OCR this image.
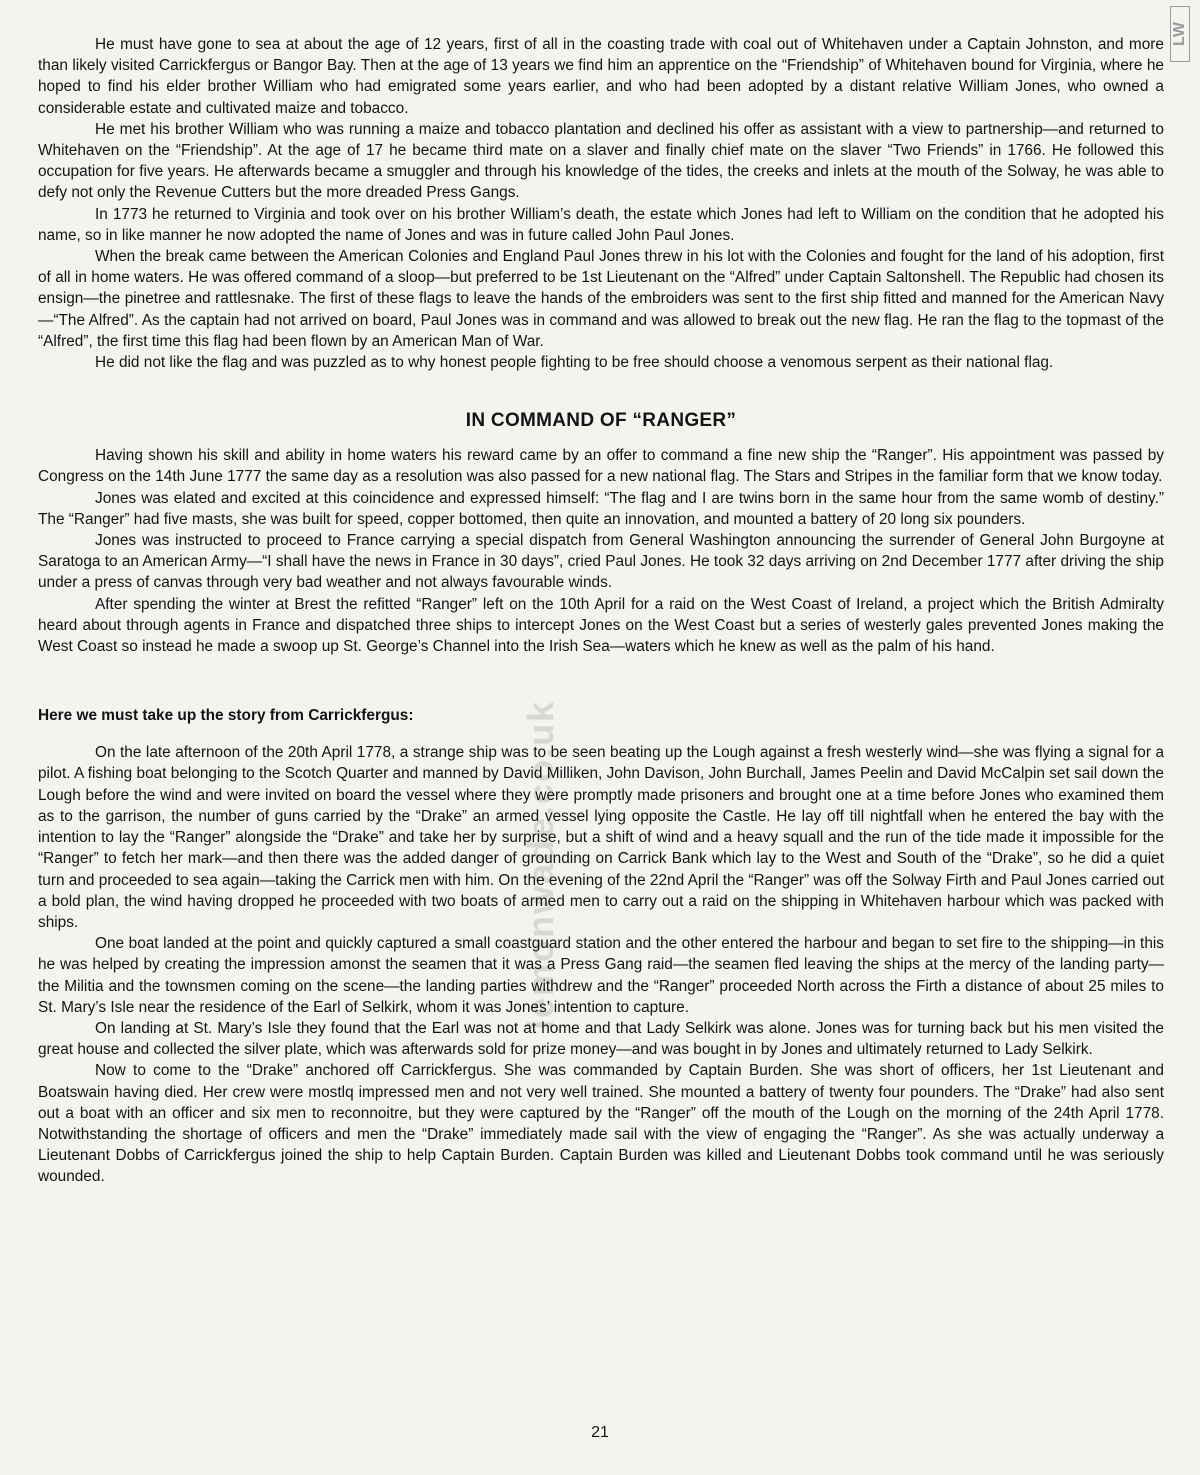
LW
lemonwade.co.uk

He must have gone to sea at about the age of 12 years, first of all in the coasting trade with coal out of Whitehaven under a Captain Johnston, and more than likely visited Carrickfergus or Bangor Bay. Then at the age of 13 years we find him an apprentice on the “Friendship” of Whitehaven bound for Virginia, where he hoped to find his elder brother William who had emigrated some years earlier, and who had been adopted by a distant relative William Jones, who owned a considerable estate and cultivated maize and tobacco.

He met his brother William who was running a maize and tobacco plantation and declined his offer as assistant with a view to partnership—and returned to Whitehaven on the “Friendship”. At the age of 17 he became third mate on a slaver and finally chief mate on the slaver “Two Friends” in 1766. He followed this occupation for five years. He afterwards became a smuggler and through his knowledge of the tides, the creeks and inlets at the mouth of the Solway, he was able to defy not only the Revenue Cutters but the more dreaded Press Gangs.

In 1773 he returned to Virginia and took over on his brother William’s death, the estate which Jones had left to William on the condition that he adopted his name, so in like manner he now adopted the name of Jones and was in future called John Paul Jones.

When the break came between the American Colonies and England Paul Jones threw in his lot with the Colonies and fought for the land of his adoption, first of all in home waters. He was offered command of a sloop—but preferred to be 1st Lieutenant on the “Alfred” under Captain Saltonshell. The Republic had chosen its ensign—the pinetree and rattlesnake. The first of these flags to leave the hands of the embroiders was sent to the first ship fitted and manned for the American Navy—“The Alfred”. As the captain had not arrived on board, Paul Jones was in command and was allowed to break out the new flag. He ran the flag to the topmast of the “Alfred”, the first time this flag had been flown by an American Man of War.

He did not like the flag and was puzzled as to why honest people fighting to be free should choose a venomous serpent as their national flag.

IN COMMAND OF “RANGER”

Having shown his skill and ability in home waters his reward came by an offer to command a fine new ship the “Ranger”. His appointment was passed by Congress on the 14th June 1777 the same day as a resolution was also passed for a new national flag. The Stars and Stripes in the familiar form that we know today.

Jones was elated and excited at this coincidence and expressed himself: “The flag and I are twins born in the same hour from the same womb of destiny.” The “Ranger” had five masts, she was built for speed, copper bottomed, then quite an innovation, and mounted a battery of 20 long six pounders.

Jones was instructed to proceed to France carrying a special dispatch from General Washington announcing the surrender of General John Burgoyne at Saratoga to an American Army—“I shall have the news in France in 30 days”, cried Paul Jones. He took 32 days arriving on 2nd December 1777 after driving the ship under a press of canvas through very bad weather and not always favourable winds.

After spending the winter at Brest the refitted “Ranger” left on the 10th April for a raid on the West Coast of Ireland, a project which the British Admiralty heard about through agents in France and dispatched three ships to intercept Jones on the West Coast but a series of westerly gales prevented Jones making the West Coast so instead he made a swoop up St. George’s Channel into the Irish Sea—waters which he knew as well as the palm of his hand.

Here we must take up the story from Carrickfergus:

On the late afternoon of the 20th April 1778, a strange ship was to be seen beating up the Lough against a fresh westerly wind—she was flying a signal for a pilot. A fishing boat belonging to the Scotch Quarter and manned by David Milliken, John Davison, John Burchall, James Peelin and David McCalpin set sail down the Lough before the wind and were invited on board the vessel where they were promptly made prisoners and brought one at a time before Jones who examined them as to the garrison, the number of guns carried by the “Drake” an armed vessel lying opposite the Castle. He lay off till nightfall when he entered the bay with the intention to lay the “Ranger” alongside the “Drake” and take her by surprise, but a shift of wind and a heavy squall and the run of the tide made it impossible for the “Ranger” to fetch her mark—and then there was the added danger of grounding on Carrick Bank which lay to the West and South of the “Drake”, so he did a quiet turn and proceeded to sea again—taking the Carrick men with him. On the evening of the 22nd April the “Ranger” was off the Solway Firth and Paul Jones carried out a bold plan, the wind having dropped he proceeded with two boats of armed men to carry out a raid on the shipping in Whitehaven harbour which was packed with ships.

One boat landed at the point and quickly captured a small coastguard station and the other entered the harbour and began to set fire to the shipping—in this he was helped by creating the impression amonst the seamen that it was a Press Gang raid—the seamen fled leaving the ships at the mercy of the landing party—the Militia and the townsmen coming on the scene—the landing parties withdrew and the “Ranger” proceeded North across the Firth a distance of about 25 miles to St. Mary’s Isle near the residence of the Earl of Selkirk, whom it was Jones’ intention to capture.

On landing at St. Mary’s Isle they found that the Earl was not at home and that Lady Selkirk was alone. Jones was for turning back but his men visited the great house and collected the silver plate, which was afterwards sold for prize money—and was bought in by Jones and ultimately returned to Lady Selkirk.

Now to come to the “Drake” anchored off Carrickfergus. She was commanded by Captain Burden. She was short of officers, her 1st Lieutenant and Boatswain having died. Her crew were mostlq impressed men and not very well trained. She mounted a battery of twenty four pounders. The “Drake” had also sent out a boat with an officer and six men to reconnoitre, but they were captured by the “Ranger” off the mouth of the Lough on the morning of the 24th April 1778. Notwithstanding the shortage of officers and men the “Drake” immediately made sail with the view of engaging the “Ranger”. As she was actually underway a Lieutenant Dobbs of Carrickfergus joined the ship to help Captain Burden. Captain Burden was killed and Lieutenant Dobbs took command until he was seriously wounded.

21
